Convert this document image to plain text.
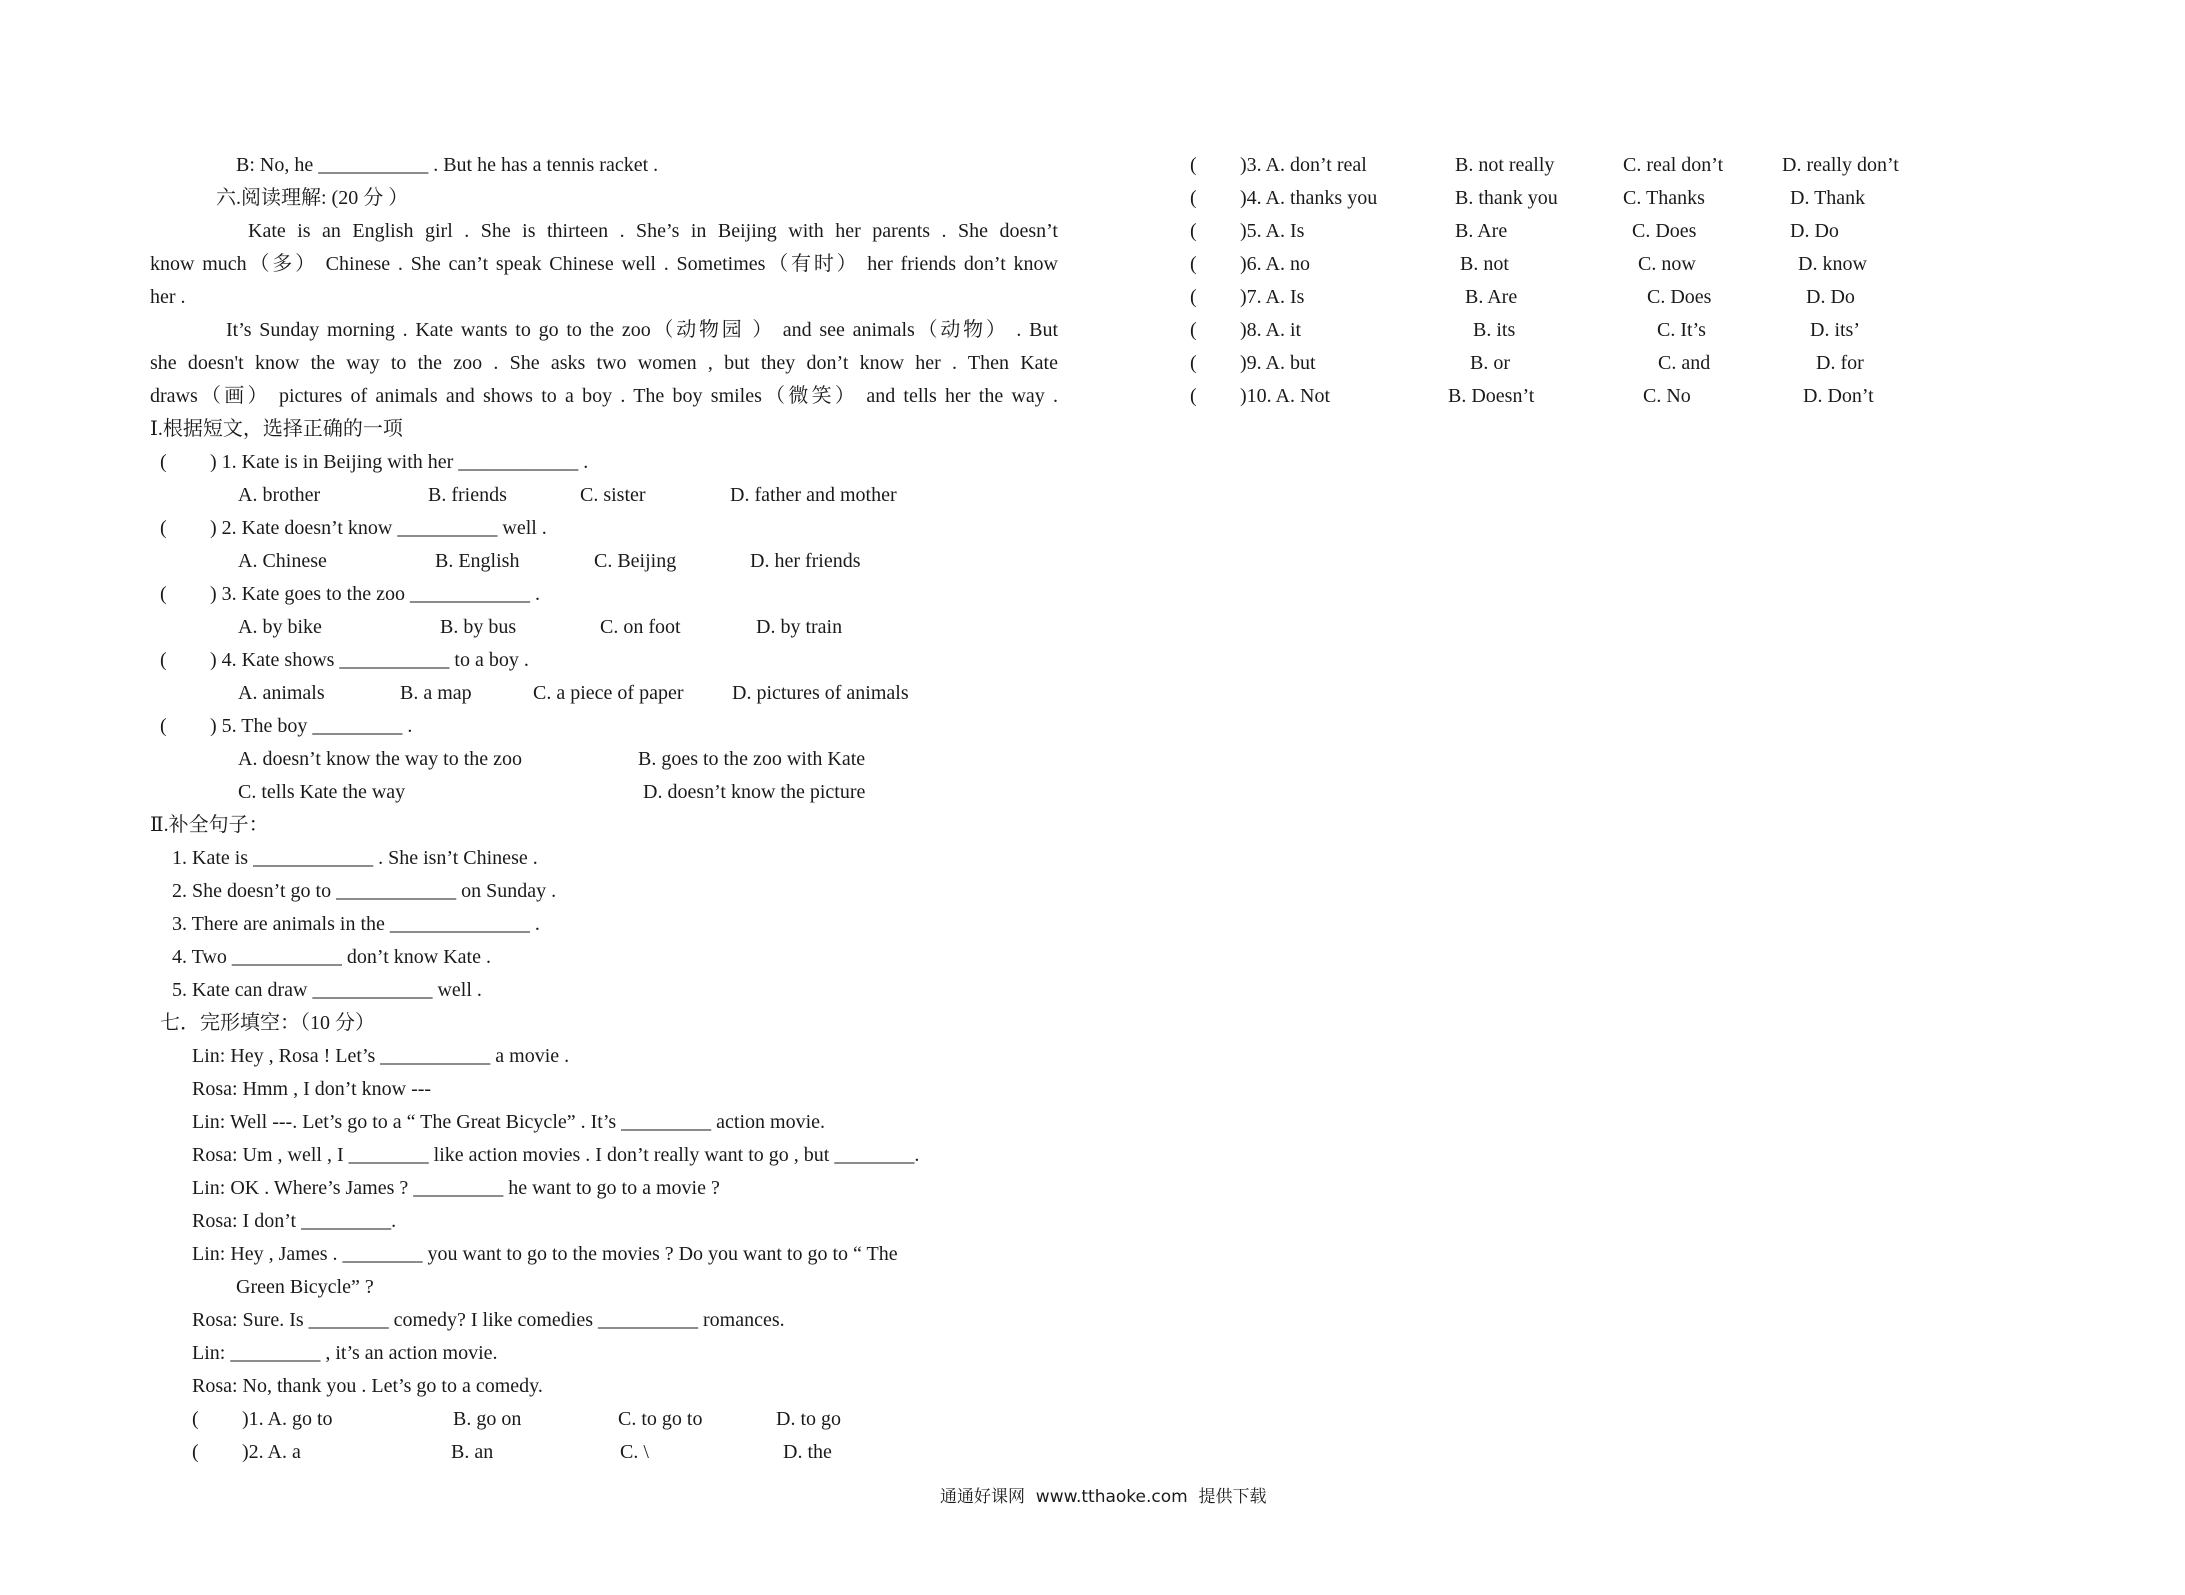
B: No, he ___________ . But he has a tennis racket .
六.阅读理解: (20 分 ）
Kate is an English girl . She is thirteen . She’s in Beijing with her parents . She doesn’t
know much（多） Chinese . She can’t speak Chinese well . Sometimes（有时） her friends don’t know
her .
It’s Sunday morning . Kate wants to go to the zoo（动物园 ） and see animals（动物） . But
she doesn't know the way to the zoo . She asks two women , but they don’t know her . Then Kate
draws（画） pictures of animals and shows to a boy . The boy smiles（微笑） and tells her the way .
Ⅰ.根据短文，选择正确的一项
( ) 1. Kate is in Beijing with her ____________ .
A. brother	B. friends	C. sister	D. father and mother
( ) 2. Kate doesn’t know __________ well .
A. Chinese	B. English	C. Beijing	D. her friends
( ) 3. Kate goes to the zoo ____________ .
A. by bike	B. by bus	C. on foot	D. by train
( ) 4. Kate shows ___________ to a boy .
A. animals	B. a map	C. a piece of paper D. pictures of animals
( ) 5. The boy _________ .
A. doesn’t know the way to the zoo	B. goes to the zoo with Kate
C. tells Kate the way	D. doesn’t know the picture
Ⅱ.补全句子：
1. Kate is ____________ . She isn’t Chinese .
2. She doesn’t go to ____________ on Sunday .
3. There are animals in the ______________ .
4. Two ___________ don’t know Kate .
5. Kate can draw ____________ well .
七．完形填空：（10 分）
Lin: Hey , Rosa ! Let’s ___________ a movie .
Rosa: Hmm , I don’t know ---
Lin: Well ---. Let’s go to a “ The Great Bicycle” . It’s _________ action movie.
Rosa: Um , well , I ________ like action movies . I don’t really want to go , but ________.
Lin: OK . Where’s James ? _________ he want to go to a movie ?
Rosa: I don’t _________.
Lin: Hey , James . ________ you want to go to the movies ? Do you want to go to “ The
Green Bicycle” ?
Rosa: Sure. Is ________ comedy? I like comedies __________ romances.
Lin: _________ , it’s an action movie.
Rosa: No, thank you . Let’s go to a comedy.
( )1. A. go to	B. go on	C. to go to	D. to go
( )2. A. a	B. an	C. \	D. the
( )3. A. don’t real	B. not really	C. real don’t	D. really don’t
( )4. A. thanks you	B. thank you	C. Thanks	D. Thank
( )5. A. Is	B. Are	C. Does	D. Do
( )6. A. no	B. not	C. now	D. know
( )7. A. Is	B. Are	C. Does	D. Do
( )8. A. it	B. its	C. It’s	D. its’
( )9. A. but	B. or	C. and	D. for
( )10. A. Not	B. Doesn’t	C. No	D. Don’t
通通好课网  www.tthaoke.com  提供下载
